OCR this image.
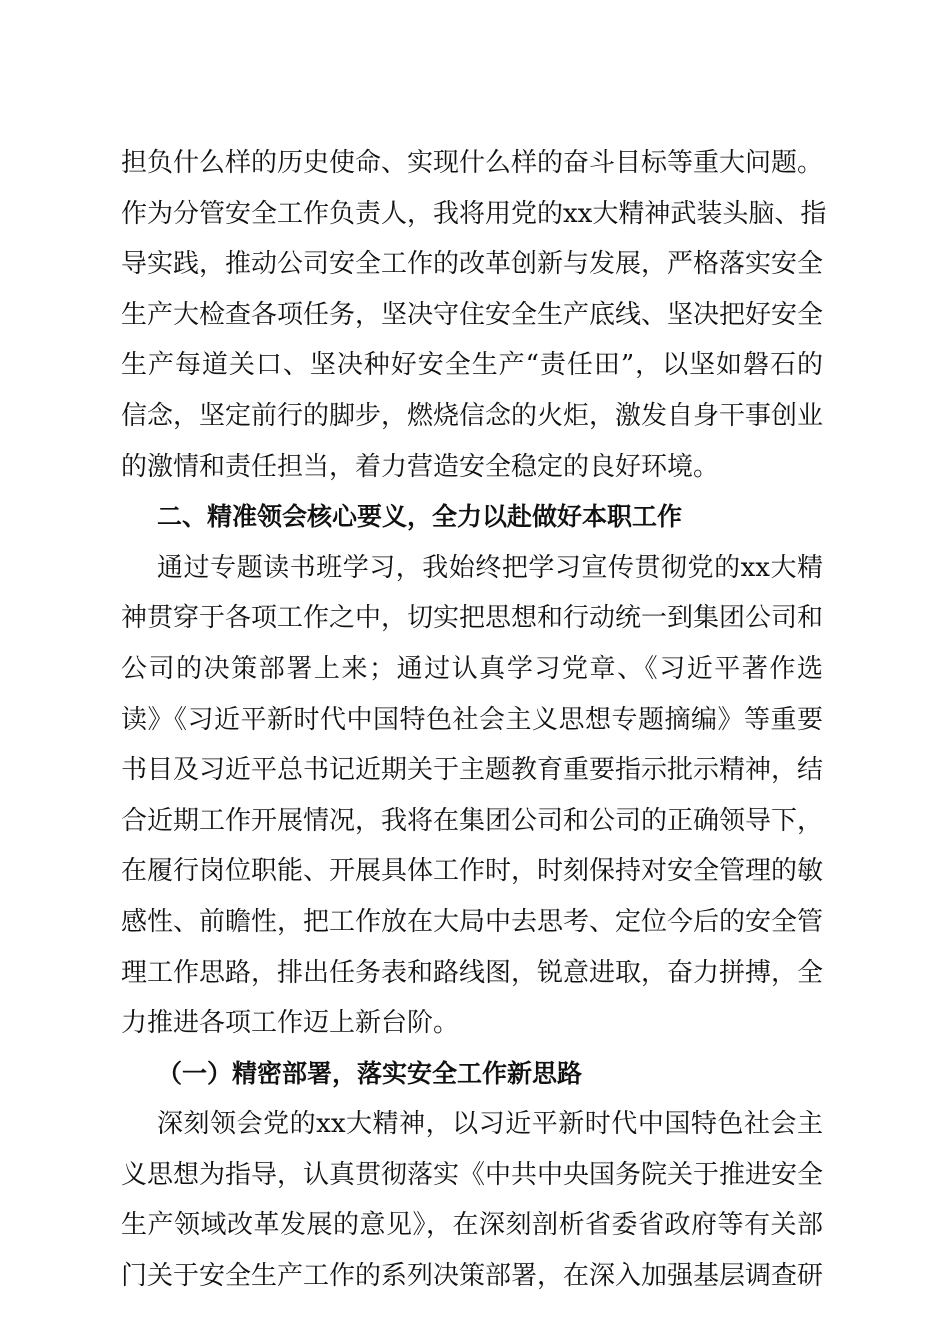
担负什么样的历史使命、实现什么样的奋斗目标等重大问题。
作为分管安全工作负责人，我将用党的xx大精神武装头脑、指
导实践，推动公司安全工作的改革创新与发展，严格落实安全
生产大检查各项任务，坚决守住安全生产底线、坚决把好安全
生产每道关口、坚决种好安全生产“责任田”，以坚如磐石的
信念，坚定前行的脚步，燃烧信念的火炬，激发自身干事创业
的激情和责任担当，着力营造安全稳定的良好环境。
二、精准领会核心要义，全力以赴做好本职工作
通过专题读书班学习，我始终把学习宣传贯彻党的xx大精
神贯穿于各项工作之中，切实把思想和行动统一到集团公司和
公司的决策部署上来；通过认真学习党章、《习近平著作选
读》《习近平新时代中国特色社会主义思想专题摘编》等重要
书目及习近平总书记近期关于主题教育重要指示批示精神，结
合近期工作开展情况，我将在集团公司和公司的正确领导下，
在履行岗位职能、开展具体工作时，时刻保持对安全管理的敏
感性、前瞻性，把工作放在大局中去思考、定位今后的安全管
理工作思路，排出任务表和路线图，锐意进取，奋力拼搏，全
力推进各项工作迈上新台阶。
（一）精密部署，落实安全工作新思路
深刻领会党的xx大精神，以习近平新时代中国特色社会主
义思想为指导，认真贯彻落实《中共中央国务院关于推进安全
生产领域改革发展的意见》，在深刻剖析省委省政府等有关部
门关于安全生产工作的系列决策部署，在深入加强基层调查研
